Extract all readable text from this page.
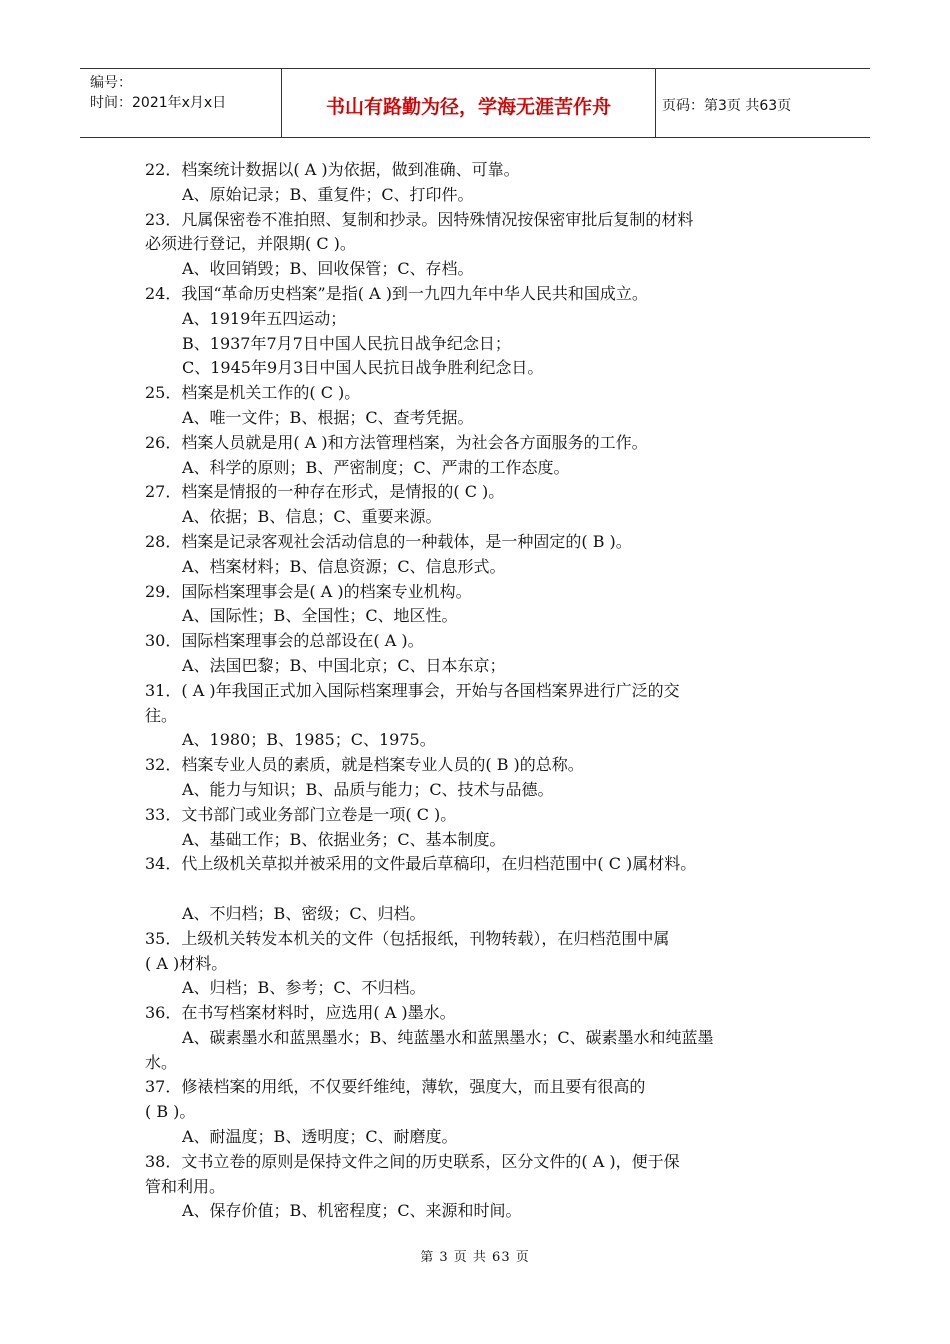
编号：
时间：2021年x月x日	书山有路勤为径，学海无涯苦作舟	页码：第3页 共63页
22．档案统计数据以( A )为依据，做到准确、可靠。
A、原始记录；B、重复件；C、打印件。
23．凡属保密卷不准拍照、复制和抄录。因特殊情况按保密审批后复制的材料
必须进行登记，并限期( C )。
A、收回销毁；B、回收保管；C、存档。
24．我国“革命历史档案”是指( A )到一九四九年中华人民共和国成立。
A、1919年五四运动；
B、1937年7月7日中国人民抗日战争纪念日；
C、1945年9月3日中国人民抗日战争胜利纪念日。
25．档案是机关工作的( C )。
A、唯一文件；B、根据；C、查考凭据。
26．档案人员就是用( A )和方法管理档案，为社会各方面服务的工作。
A、科学的原则；B、严密制度；C、严肃的工作态度。
27．档案是情报的一种存在形式，是情报的( C )。
A、依据；B、信息；C、重要来源。
28．档案是记录客观社会活动信息的一种载体，是一种固定的( B )。
A、档案材料；B、信息资源；C、信息形式。
29．国际档案理事会是( A )的档案专业机构。
A、国际性；B、全国性；C、地区性。
30．国际档案理事会的总部设在( A )。
A、法国巴黎；B、中国北京；C、日本东京；
31．( A )年我国正式加入国际档案理事会，开始与各国档案界进行广泛的交
往。
A、1980；B、1985；C、1975。
32．档案专业人员的素质，就是档案专业人员的( B )的总称。
A、能力与知识；B、品质与能力；C、技术与品德。
33．文书部门或业务部门立卷是一项( C )。
A、基础工作；B、依据业务；C、基本制度。
34．代上级机关草拟并被采用的文件最后草稿印，在归档范围中( C )属材料。
A、不归档；B、密级；C、归档。
35．上级机关转发本机关的文件（包括报纸，刊物转载），在归档范围中属
( A )材料。
A、归档；B、参考；C、不归档。
36．在书写档案材料时，应选用( A )墨水。
A、碳素墨水和蓝黑墨水；B、纯蓝墨水和蓝黑墨水；C、碳素墨水和纯蓝墨
水。
37．修裱档案的用纸，不仅要纤维纯，薄软，强度大，而且要有很高的
( B )。
A、耐温度；B、透明度；C、耐磨度。
38．文书立卷的原则是保持文件之间的历史联系，区分文件的( A )，便于保
管和利用。
A、保存价值；B、机密程度；C、来源和时间。
第 3 页 共 63 页
